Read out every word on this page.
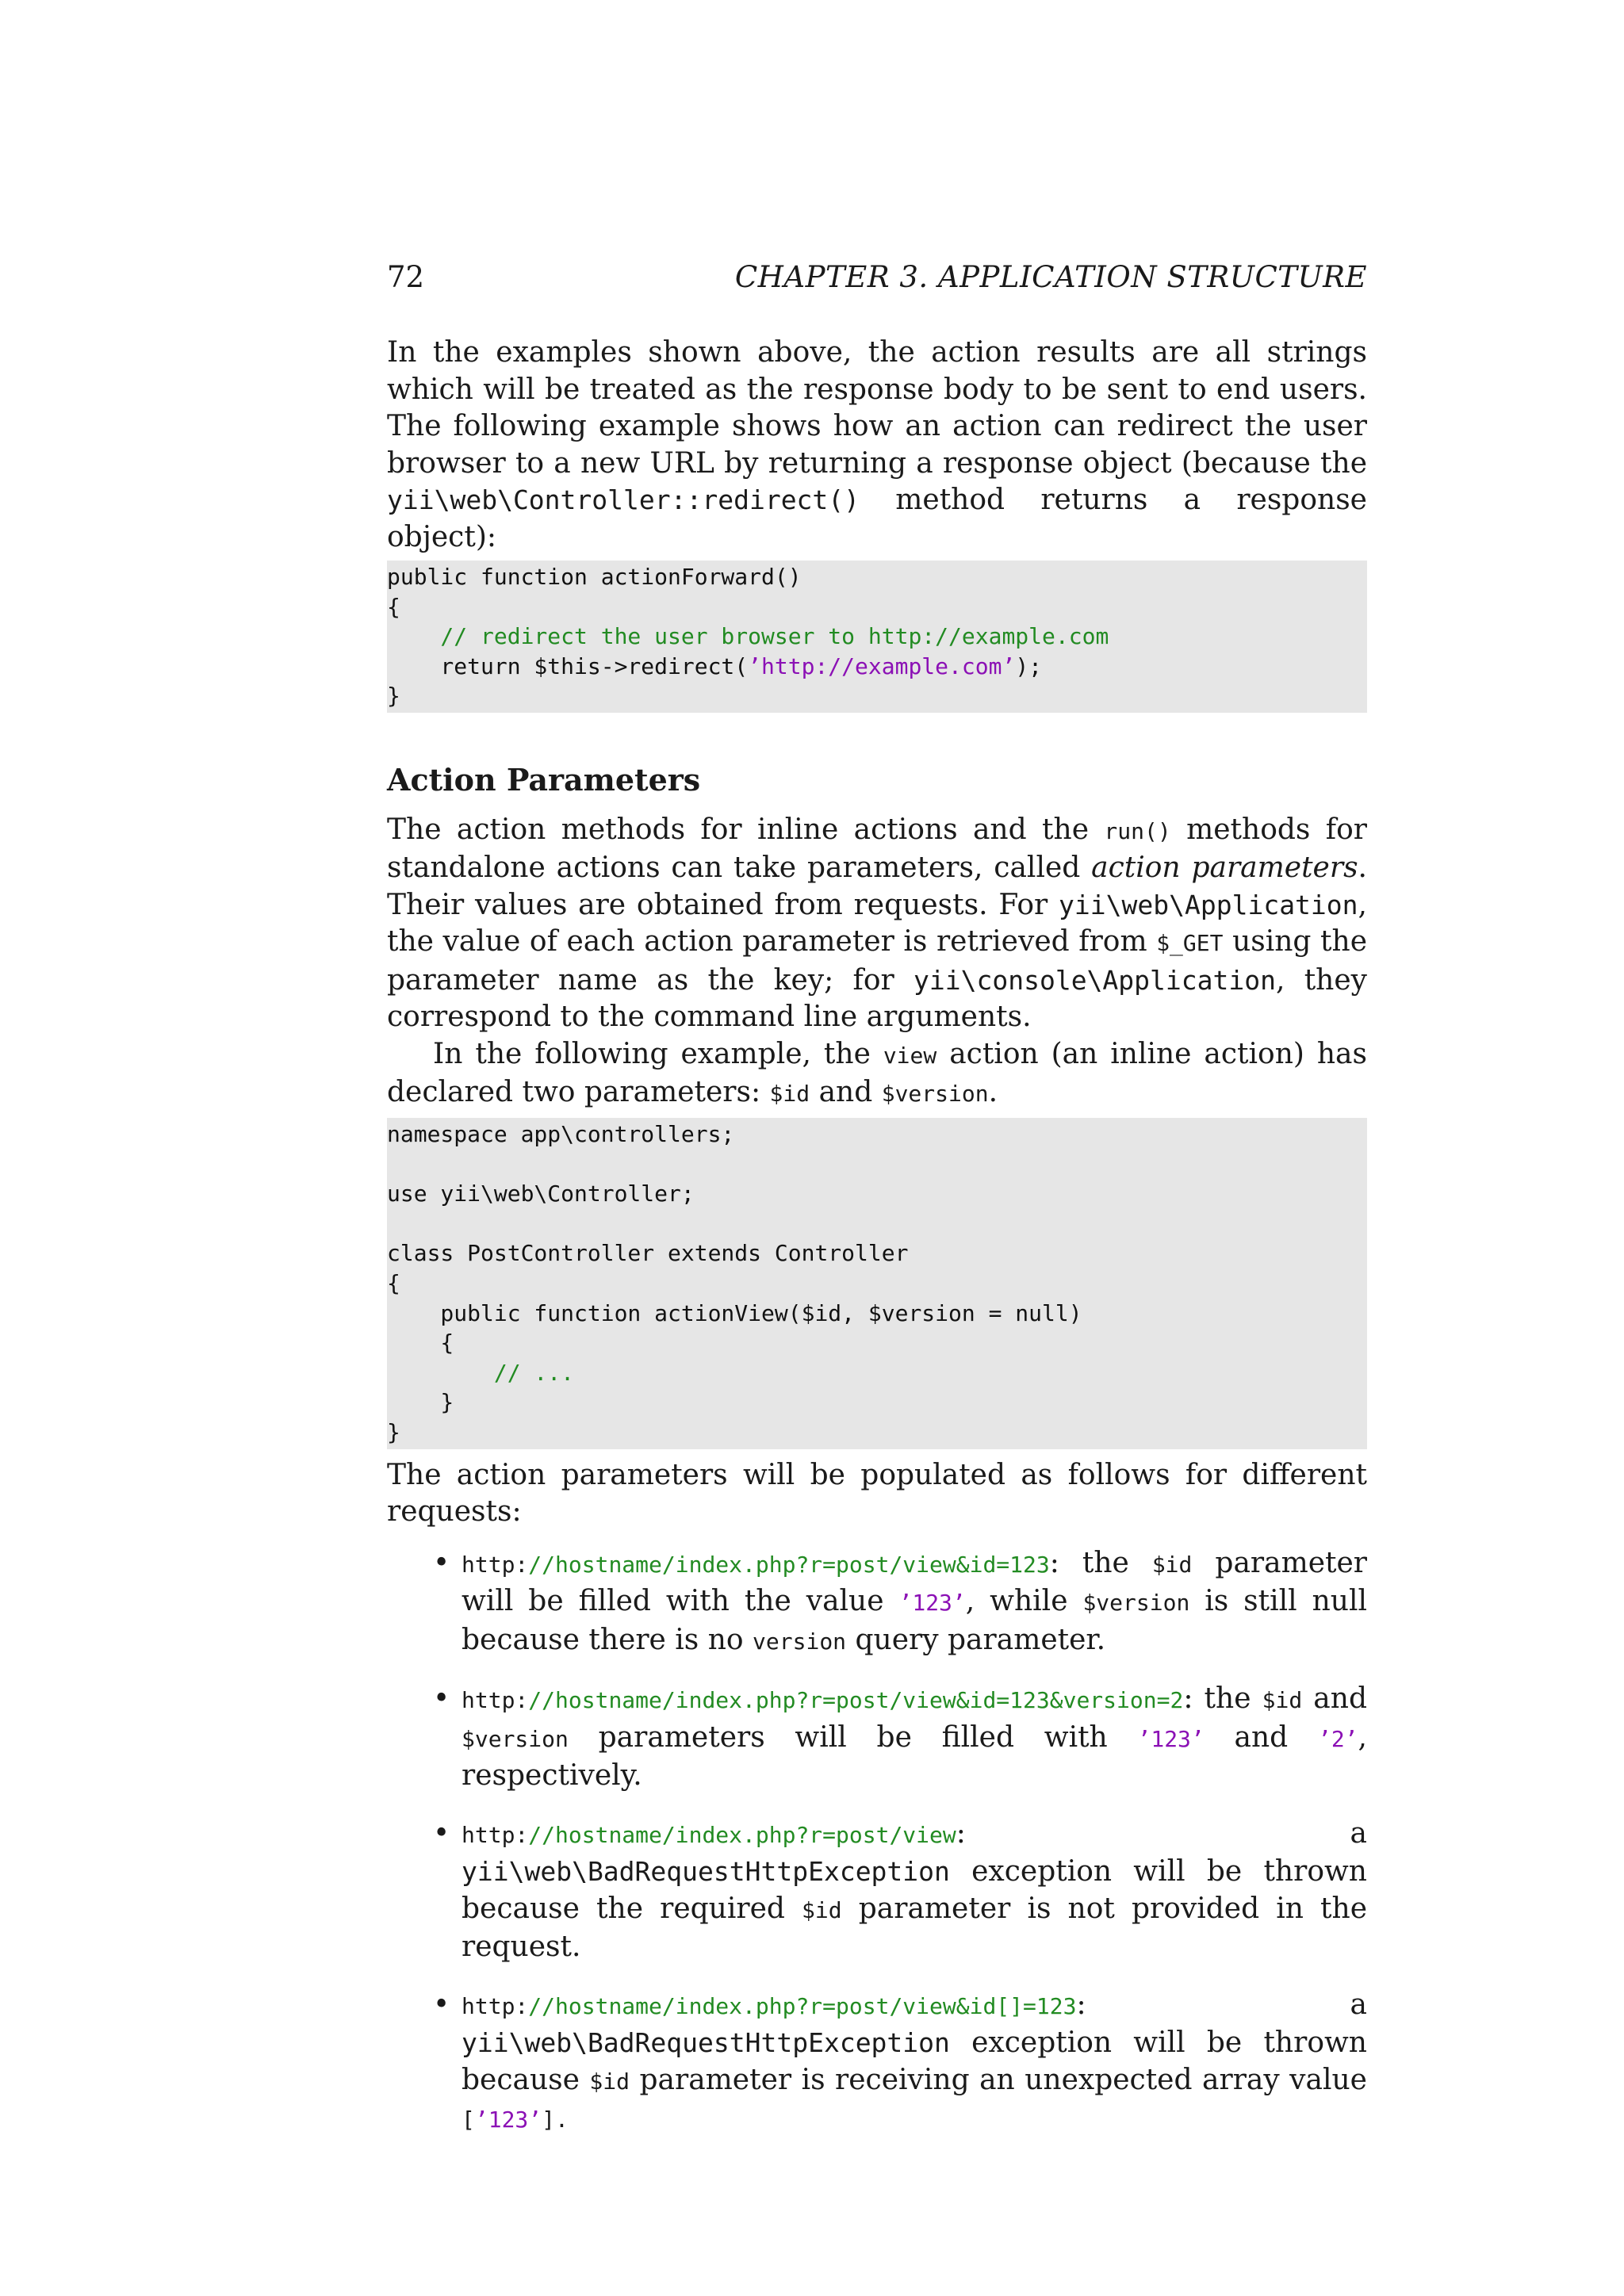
72	CHAPTER 3. APPLICATION STRUCTURE

In the examples shown above, the action results are all strings which will be treated as the response body to be sent to end users. The following example shows how an action can redirect the user browser to a new URL by returning a response object (because the yii\web\Controller::redirect() method returns a response object):

public function actionForward()
{
// redirect the user browser to http://example.com
return $this->redirect(’http://example.com’);
}
Action Parameters

The action methods for inline actions and the run() methods for standalone actions can take parameters, called action parameters. Their values are obtained from requests. For yii\web\Application, the value of each action parameter is retrieved from $_GET using the parameter name as the key; for yii\console\Application, they correspond to the command line arguments.

In the following example, the view action (an inline action) has declared two parameters: $id and $version.

namespace app\controllers;
use yii\web\Controller;
class PostController extends Controller
{
public function actionView($id, $version = null)
{
// ...
}
}

The action parameters will be populated as follows for different requests:

• http://hostname/index.php?r=post/view&id=123: the $id parameter will be filled with the value ’123’, while $version is still null because there is no version query parameter.
• http://hostname/index.php?r=post/view&id=123&version=2: the $id and $version parameters will be filled with ’123’ and ’2’, respectively.
• http://hostname/index.php?r=post/view: a yii\web\BadRequestHttpException exception will be thrown because the required $id parameter is not provided in the request.
• http://hostname/index.php?r=post/view&id[]=123: a yii\web\BadRequestHttpException exception will be thrown because $id parameter is receiving an unexpected array value [’123’].
